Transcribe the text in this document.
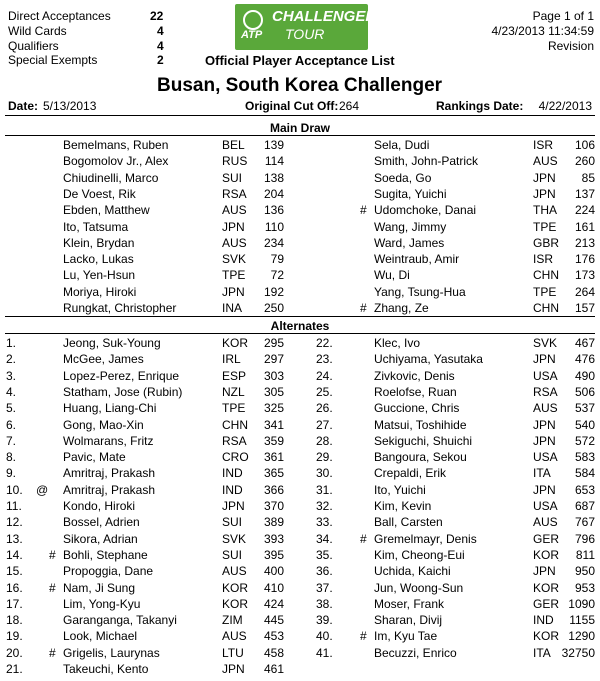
Direct Acceptances	22
Wild Cards	4
Qualifiers	4
Special Exempts	2
ATP
CHALLENGER
TOUR
Page 1 of 1
4/23/2013 11:34:59
Revision
Official Player Acceptance List
Busan, South Korea Challenger
Date: 5/13/2013	Original Cut Off: 264	Rankings Date: 4/22/2013
Main Draw
Bemelmans, Ruben	BEL	139
Bogomolov Jr., Alex	RUS	114
Chiudinelli, Marco	SUI	138
De Voest, Rik	RSA	204
Ebden, Matthew	AUS	136
Ito, Tatsuma	JPN	110
Klein, Brydan	AUS	234
Lacko, Lukas	SVK	79
Lu, Yen-Hsun	TPE	72
Moriya, Hiroki	JPN	192
Rungkat, Christopher	INA	250
Sela, Dudi	ISR	106
Smith, John-Patrick	AUS	260
Soeda, Go	JPN	85
Sugita, Yuichi	JPN	137
# Udomchoke, Danai	THA	224
Wang, Jimmy	TPE	161
Ward, James	GBR	213
Weintraub, Amir	ISR	176
Wu, Di	CHN	173
Yang, Tsung-Hua	TPE	264
# Zhang, Ze	CHN	157
Alternates
1.	Jeong, Suk-Young	KOR	295
2.	McGee, James	IRL	297
3.	Lopez-Perez, Enrique	ESP	303
4.	Statham, Jose (Rubin)	NZL	305
5.	Huang, Liang-Chi	TPE	325
6.	Gong, Mao-Xin	CHN	341
7.	Wolmarans, Fritz	RSA	359
8.	Pavic, Mate	CRO	361
9.	Amritraj, Prakash	IND	365
10. @ Amritraj, Prakash	IND	366
11.	Kondo, Hiroki	JPN	370
12.	Bossel, Adrien	SUI	389
13.	Sikora, Adrian	SVK	393
14. # Bohli, Stephane	SUI	395
15.	Propoggia, Dane	AUS	400
16. # Nam, Ji Sung	KOR	410
17.	Lim, Yong-Kyu	KOR	424
18.	Garanganga, Takanyi	ZIM	445
19.	Look, Michael	AUS	453
20. # Grigelis, Laurynas	LTU	458
21.	Takeuchi, Kento	JPN	461
22.	Klec, Ivo	SVK	467
23.	Uchiyama, Yasutaka	JPN	476
24.	Zivkovic, Denis	USA	490
25.	Roelofse, Ruan	RSA	506
26.	Guccione, Chris	AUS	537
27.	Matsui, Toshihide	JPN	540
28.	Sekiguchi, Shuichi	JPN	572
29.	Bangoura, Sekou	USA	583
30.	Crepaldi, Erik	ITA	584
31.	Ito, Yuichi	JPN	653
32.	Kim, Kevin	USA	687
33.	Ball, Carsten	AUS	767
34. # Gremelmayr, Denis	GER	796
35.	Kim, Cheong-Eui	KOR	811
36.	Uchida, Kaichi	JPN	950
37.	Jun, Woong-Sun	KOR	953
38.	Moser, Frank	GER 1090
39.	Sharan, Divij	IND	1155
40. # Im, Kyu Tae	KOR 1290
41.	Becuzzi, Enrico	ITA 32750
